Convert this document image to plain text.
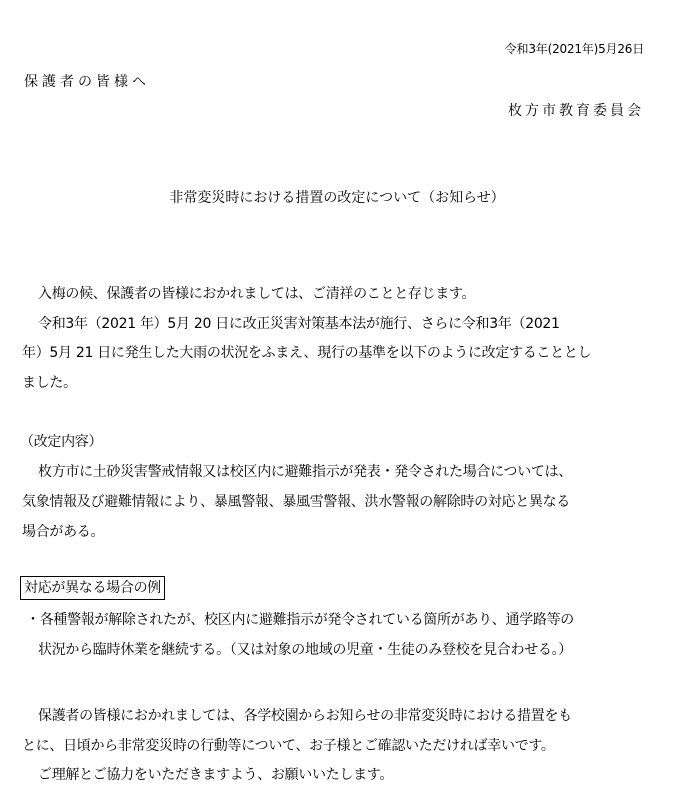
令和3年(2021年)5月26日

保護者の皆様へ

枚方市教育委員会

非常変災時における措置の改定について（お知らせ）

入梅の候、保護者の皆様におかれましては、ご清祥のことと存じます。

令和3年（2021 年）5月 20 日に改正災害対策基本法が施行、さらに令和3年（2021

年）5月 21 日に発生した大雨の状況をふまえ、現行の基準を以下のように改定することとし

ました。

（改定内容）

枚方市に土砂災害警戒情報又は校区内に避難指示が発表・発令された場合については、

気象情報及び避難情報により、暴風警報、暴風雪警報、洪水警報の解除時の対応と異なる

場合がある。

対応が異なる場合の例

・各種警報が解除されたが、校区内に避難指示が発令されている箇所があり、通学路等の

状況から臨時休業を継続する。（又は対象の地域の児童・生徒のみ登校を見合わせる。）

保護者の皆様におかれましては、各学校園からお知らせの非常変災時における措置をも

とに、日頃から非常変災時の行動等について、お子様とご確認いただければ幸いです。

ご理解とご協力をいただきますよう、お願いいたします。
